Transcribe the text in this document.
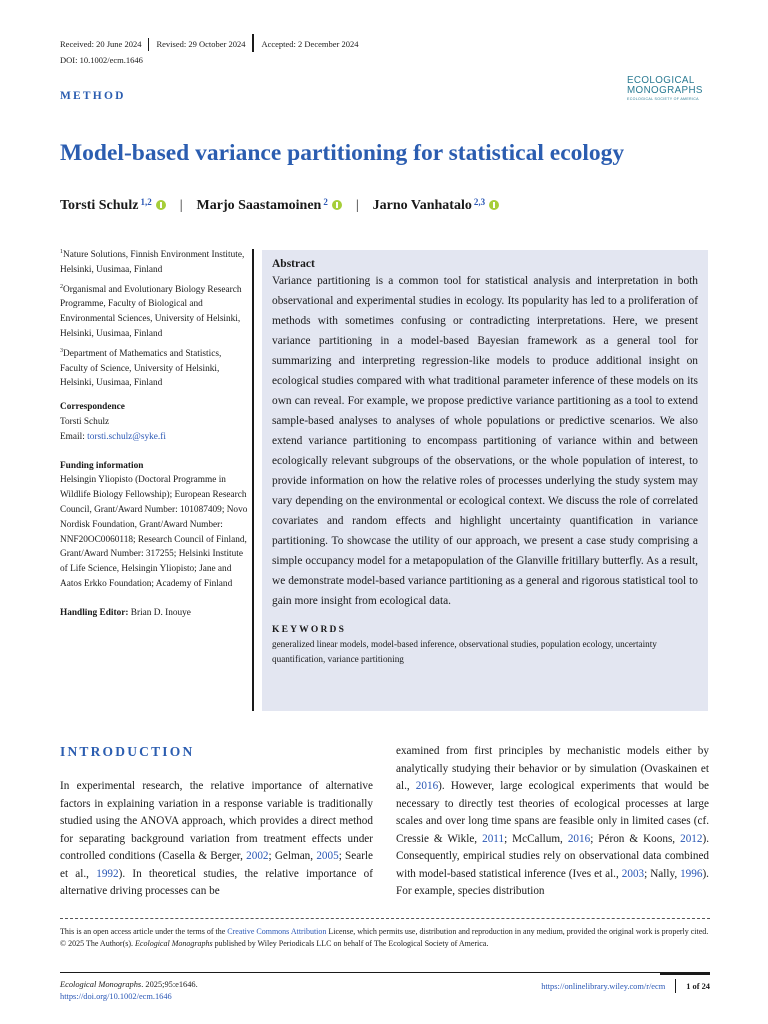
Received: 20 June 2024 Revised: 29 October 2024 Accepted: 2 December 2024
DOI: 10.1002/ecm.1646
METHOD
ECOLOGICAL
MONOGRAPHS
ECOLOGICAL SOCIETY OF AMERICA
Model-based variance partitioning for statistical ecology
Torsti Schulz$^{1,2}$ | Marjo Saastamoinen$^2$ | Jarno Vanhatalo$^{2,3}$

$^1$Nature Solutions, Finnish Environment Institute, Helsinki, Uusimaa, Finland

$^2$Organismal and Evolutionary Biology Research Programme, Faculty of Biological and Environmental Sciences, University of Helsinki, Helsinki, Uusimaa, Finland

$^3$Department of Mathematics and Statistics, Faculty of Science, University of Helsinki, Helsinki, Uusimaa, Finland

Correspondence
Torsti Schulz
Email: torsti.schulz@syke.fi
Funding information
Helsingin Yliopisto (Doctoral Programme in Wildlife Biology Fellowship); European Research Council, Grant/Award Number: 101087409; Novo Nordisk Foundation, Grant/Award Number: NNF20OC0060118; Research Council of Finland, Grant/Award Number: 317255; Helsinki Institute of Life Science, Helsingin Yliopisto; Jane and Aatos Erkko Foundation; Academy of Finland
Handling Editor: Brian D. Inouye
Abstract
Variance partitioning is a common tool for statistical analysis and interpretation in both observational and experimental studies in ecology. Its popularity has led to a proliferation of methods with sometimes confusing or contradicting interpretations. Here, we present variance partitioning in a model-based Bayesian framework as a general tool for summarizing and interpreting regression-like models to produce additional insight on ecological studies compared with what traditional parameter inference of these models on its own can reveal. For example, we propose predictive variance partitioning as a tool to extend sample-based analyses to analyses of whole populations or predictive scenarios. We also extend variance partitioning to encompass partitioning of variance within and between ecologically relevant subgroups of the observations, or the whole population of interest, to provide information on how the relative roles of processes underlying the study system may vary depending on the environmental or ecological context. We discuss the role of correlated covariates and random effects and highlight uncertainty quantification in variance partitioning. To showcase the utility of our approach, we present a case study comprising a simple occupancy model for a metapopulation of the Glanville fritillary butterfly. As a result, we demonstrate model-based variance partitioning as a general and rigorous statistical tool to gain more insight from ecological data.
KEYWORDS
generalized linear models, model-based inference, observational studies, population ecology, uncertainty quantification, variance partitioning
INTRODUCTION
In experimental research, the relative importance of alternative factors in explaining variation in a response variable is traditionally studied using the ANOVA approach, which provides a direct method for separating background variation from treatment effects under controlled conditions (Casella & Berger, 2002; Gelman, 2005; Searle et al., 1992). In theoretical studies, the relative importance of alternative driving processes can be
examined from first principles by mechanistic models either by analytically studying their behavior or by simulation (Ovaskainen et al., 2016). However, large ecological experiments that would be necessary to directly test theories of ecological processes at large scales and over long time spans are feasible only in limited cases (cf. Cressie & Wikle, 2011; McCallum, 2016; Péron & Koons, 2012). Consequently, empirical studies rely on observational data combined with model-based statistical inference (Ives et al., 2003; Nally, 1996). For example, species distribution
This is an open access article under the terms of the Creative Commons Attribution License, which permits use, distribution and reproduction in any medium, provided the original work is properly cited.
© 2025 The Author(s). Ecological Monographs published by Wiley Periodicals LLC on behalf of The Ecological Society of America.
Ecological Monographs. 2025;95:e1646.
https://doi.org/10.1002/ecm.1646
https://onlinelibrary.wiley.com/r/ecm	1 of 24
